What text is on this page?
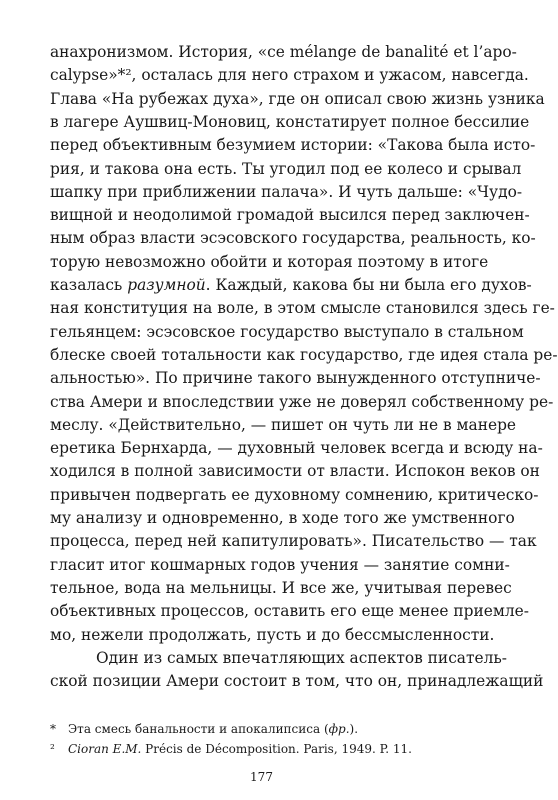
анахронизмом. История, «ce mélange de banalité et l’apo-
calypse»*², осталась для него страхом и ужасом, навсегда.
Глава «На рубежах духа», где он описал свою жизнь узника
в лагере Аушвиц-Моновиц, констатирует полное бессилие
перед объективным безумием истории: «Такова была исто-
рия, и такова она есть. Ты угодил под ее колесо и срывал
шапку при приближении палача». И чуть дальше: «Чудо-
вищной и неодолимой громадой высился перед заключен-
ным образ власти эсэсовского государства, реальность, ко-
торую невозможно обойти и которая поэтому в итоге
казалась разумной. Каждый, какова бы ни была его духов-
ная конституция на воле, в этом смысле становился здесь ге-
гельянцем: эсэсовское государство выступало в стальном
блеске своей тотальности как государство, где идея стала ре-
альностью». По причине такого вынужденного отступниче-
ства Амери и впоследствии уже не доверял собственному ре-
меслу. «Действительно, — пишет он чуть ли не в манере
еретика Бернхарда, — духовный человек всегда и всюду на-
ходился в полной зависимости от власти. Испокон веков он
привычен подвергать ее духовному сомнению, критическо-
му анализу и одновременно, в ходе того же умственного
процесса, перед ней капитулировать». Писательство — так
гласит итог кошмарных годов учения — занятие сомни-
тельное, вода на мельницы. И все же, учитывая перевес
объективных процессов, оставить его еще менее приемле-
мо, нежели продолжать, пусть и до бессмысленности.
Один из самых впечатляющих аспектов писатель-
ской позиции Амери состоит в том, что он, принадлежащий
* Эта смесь банальности и апокалипсиса (фр.).
² Cioran E.M. Précis de Décomposition. Paris, 1949. P. 11.
177
